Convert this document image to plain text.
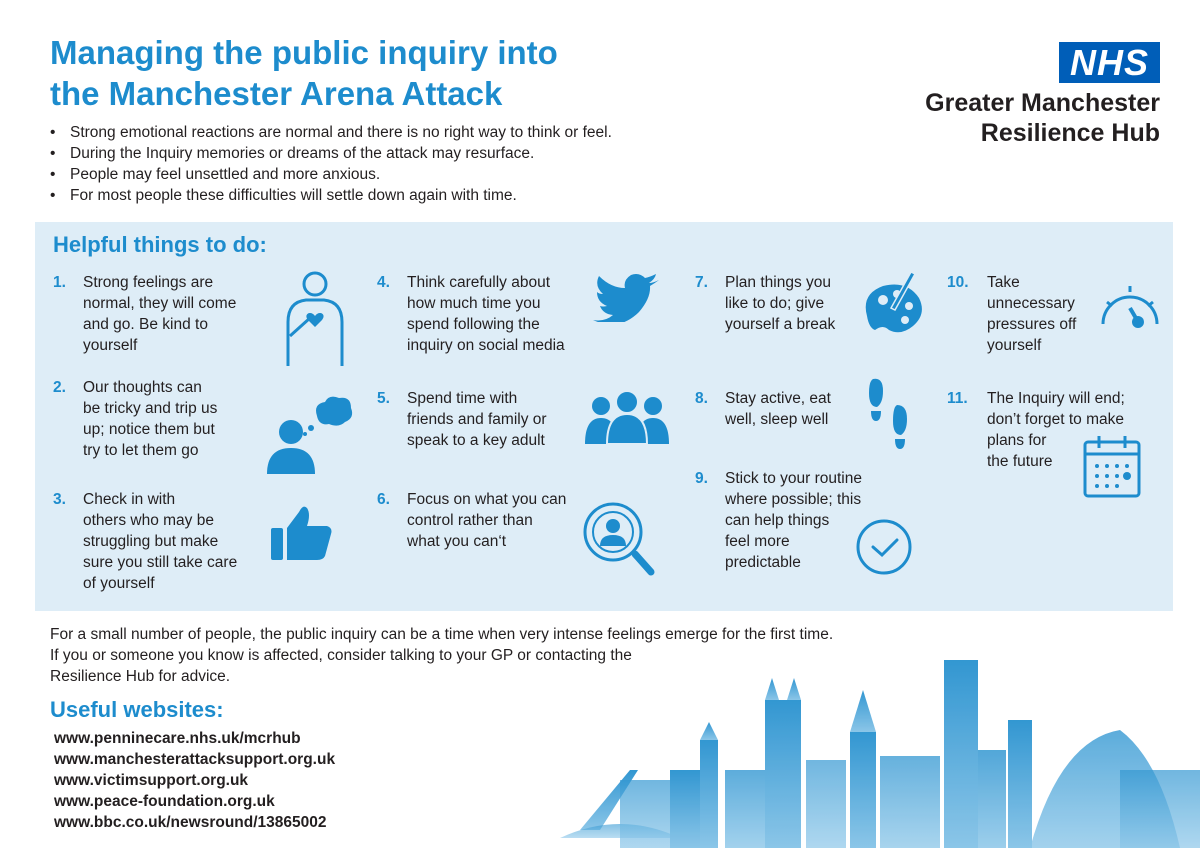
Managing the public inquiry into
the Manchester Arena Attack
NHS
Greater Manchester
Resilience Hub
• Strong emotional reactions are normal and there is no right way to think or feel.
• During the Inquiry memories or dreams of the attack may resurface.
• People may feel unsettled and more anxious.
• For most people these difficulties will settle down again with time.
Helpful things to do:
1. Strong feelings are
normal, they will come
and go. Be kind to
yourself
2. Our thoughts can
be tricky and trip us
up; notice them but
try to let them go
3. Check in with
others who may be
struggling but make
sure you still take care
of yourself
4. Think carefully about
how much time you
spend following the
inquiry on social media
5. Spend time with
friends and family or
speak to a key adult
6. Focus on what you can
control rather than
what you can‘t
7. Plan things you
like to do; give
yourself a break
8. Stay active, eat
well, sleep well
9. Stick to your routine
where possible; this
can help things
feel more
predictable
10. Take
unnecessary
pressures off
yourself
11. The Inquiry will end;
don’t forget to make
plans for
the future

For a small number of people, the public inquiry can be a time when very intense feelings emerge for the first time.
If you or someone you know is affected, consider talking to your GP or contacting the
Resilience Hub for advice.

Useful websites:
www.penninecare.nhs.uk/mcrhub
www.manchesterattacksupport.org.uk
www.victimsupport.org.uk
www.peace-foundation.org.uk
www.bbc.co.uk/newsround/13865002
